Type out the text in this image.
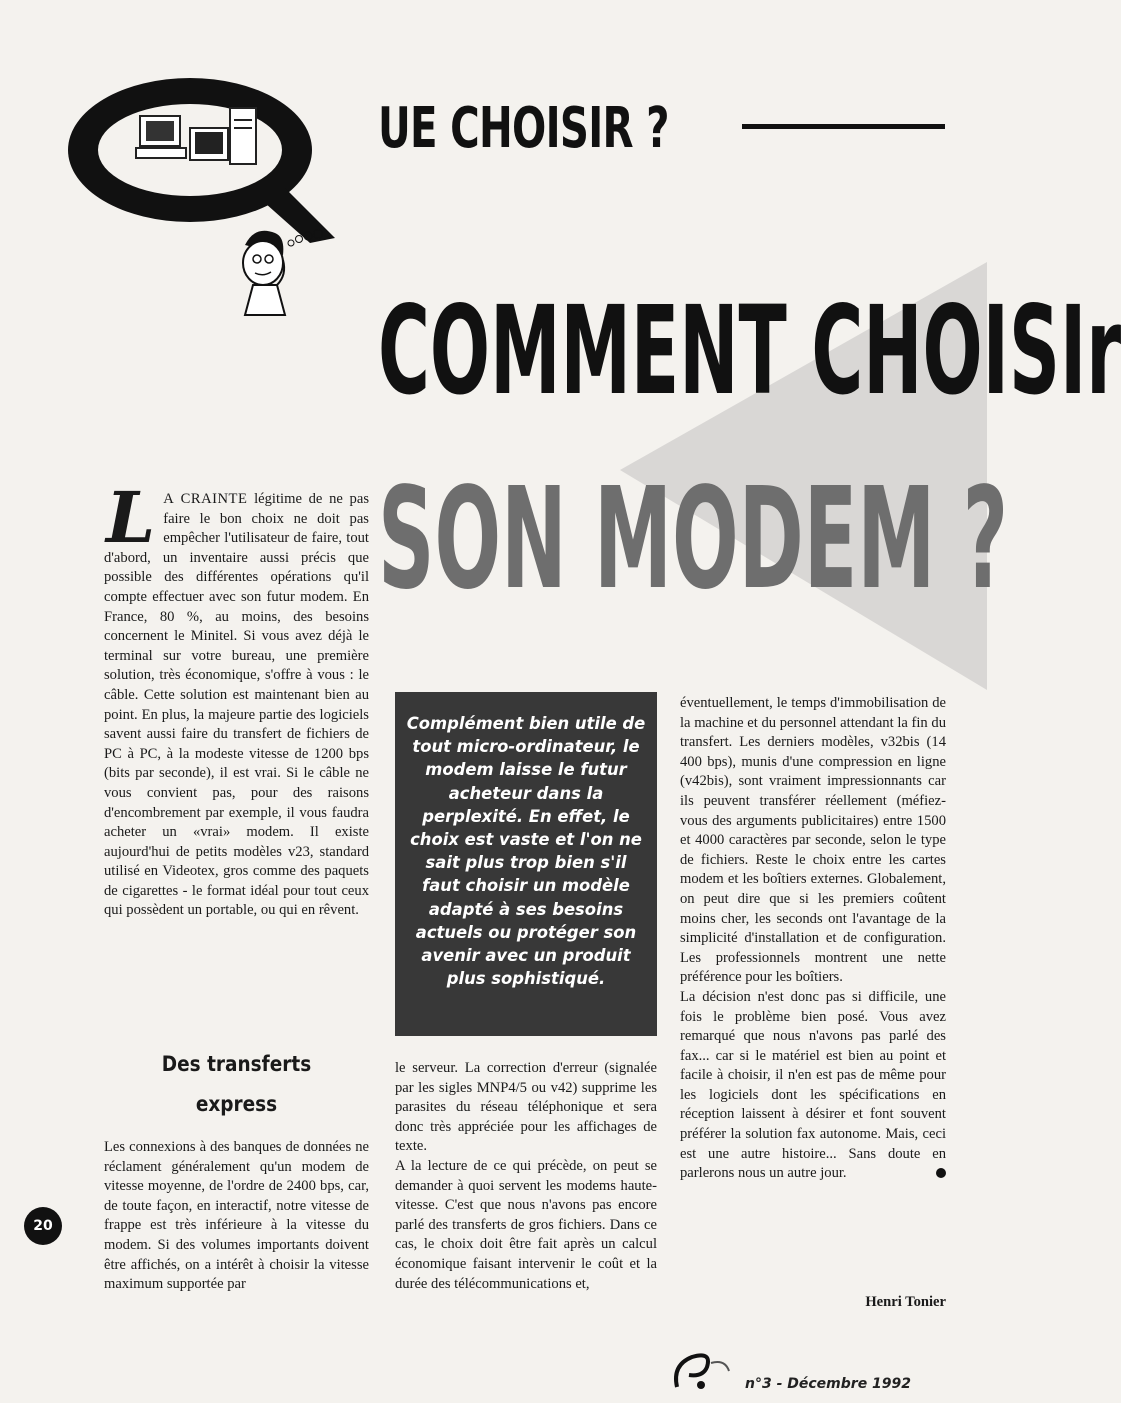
UE CHOISIR ?
COMMENT CHOISIr
SON MODEM ?

L A CRAINTE légitime de ne pas faire le bon choix ne doit pas empêcher l'utilisateur de faire, tout d'abord, un inventaire aussi précis que possible des différentes opérations qu'il compte effectuer avec son futur modem. En France, 80 %, au moins, des besoins concernent le Minitel. Si vous avez déjà le terminal sur votre bureau, une première solution, très économique, s'offre à vous : le câble. Cette solution est maintenant bien au point. En plus, la majeure partie des logiciels savent aussi faire du transfert de fichiers de PC à PC, à la modeste vitesse de 1200 bps (bits par seconde), il est vrai. Si le câble ne vous convient pas, pour des raisons d'encombrement par exemple, il vous faudra acheter un «vrai» modem. Il existe aujourd'hui de petits modèles v23, standard utilisé en Videotex, gros comme des paquets de cigarettes - le format idéal pour tout ceux qui possèdent un portable, ou qui en rêvent.

Des transferts express

Les connexions à des banques de données ne réclament généralement qu'un modem de vitesse moyenne, de l'ordre de 2400 bps, car, de toute façon, en interactif, notre vitesse de frappe est très inférieure à la vitesse du modem. Si des volumes importants doivent être affichés, on a intérêt à choisir la vitesse maximum supportée par

Complément bien utile de tout micro-ordinateur, le modem laisse le futur acheteur dans la perplexité. En effet, le choix est vaste et l'on ne sait plus trop bien s'il faut choisir un modèle adapté à ses besoins actuels ou protéger son avenir avec un produit plus sophistiqué.

le serveur. La correction d'erreur (signalée par les sigles MNP4/5 ou v42) supprime les parasites du réseau téléphonique et sera donc très appréciée pour les affichages de texte.

A la lecture de ce qui précède, on peut se demander à quoi servent les modems haute-vitesse. C'est que nous n'avons pas encore parlé des transferts de gros fichiers. Dans ce cas, le choix doit être fait après un calcul économique faisant intervenir le coût et la durée des télécommunications et,

éventuellement, le temps d'immobilisation de la machine et du personnel attendant la fin du transfert. Les derniers modèles, v32bis (14 400 bps), munis d'une compression en ligne (v42bis), sont vraiment impressionnants car ils peuvent transférer réellement (méfiez-vous des arguments publicitaires) entre 1500 et 4000 caractères par seconde, selon le type de fichiers. Reste le choix entre les cartes modem et les boîtiers externes. Globalement, on peut dire que si les premiers coûtent moins cher, les seconds ont l'avantage de la simplicité d'installation et de configuration. Les professionnels montrent une nette préférence pour les boîtiers.

La décision n'est donc pas si difficile, une fois le problème bien posé. Vous avez remarqué que nous n'avons pas parlé des fax... car si le matériel est bien au point et facile à choisir, il n'en est pas de même pour les logiciels dont les spécifications en réception laissent à désirer et font souvent préférer la solution fax autonome. Mais, ceci est une autre histoire... Sans doute en parlerons nous un autre jour.

Henri Tonier
20
n°3 - Décembre 1992
